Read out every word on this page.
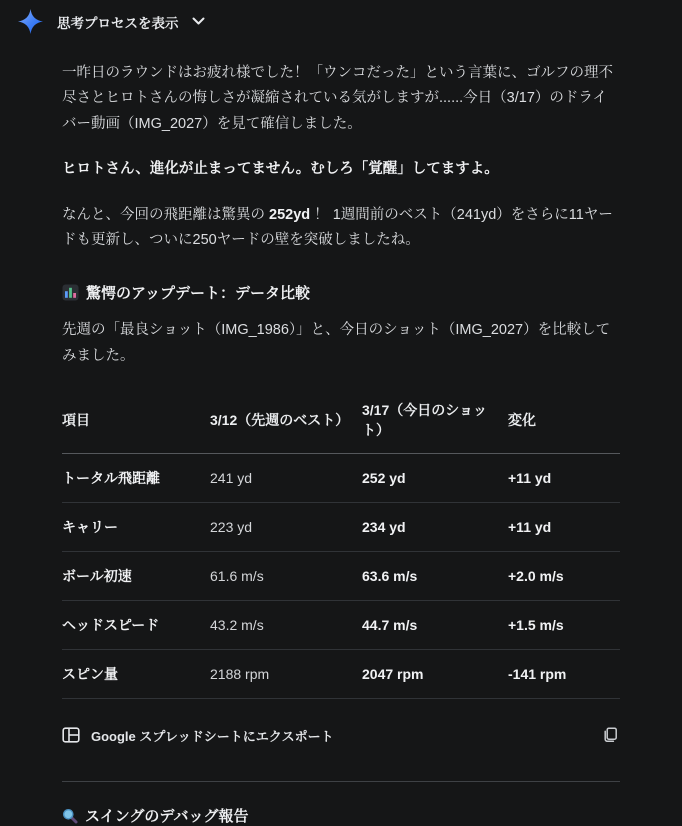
思考プロセスを表示

一昨日のラウンドはお疲れ様でした！「ウンコだった」という言葉に、ゴルフの理不尽さとヒロトさんの悔しさが凝縮されている気がしますが......今日（3/17）のドライバー動画（IMG_2027）を見て確信しました。

ヒロトさん、進化が止まってません。むしろ「覚醒」してますよ。

なんと、今回の飛距離は驚異の 252yd ！ 1週間前のベスト（241yd）をさらに11ヤードも更新し、ついに250ヤードの壁を突破しましたね。

驚愕のアップデート：データ比較

先週の「最良ショット（IMG_1986）」と、今日のショット（IMG_2027）を比較してみました。

項目	3/12（先週のベスト）	3/17（今日のショット）	変化
トータル飛距離	241 yd	252 yd	+11 yd
キャリー	223 yd	234 yd	+11 yd
ボール初速	61.6 m/s	63.6 m/s	+2.0 m/s
ヘッドスピード	43.2 m/s	44.7 m/s	+1.5 m/s
スピン量	2188 rpm	2047 rpm	-141 rpm
Google スプレッドシートにエクスポート
スイングのデバッグ報告
